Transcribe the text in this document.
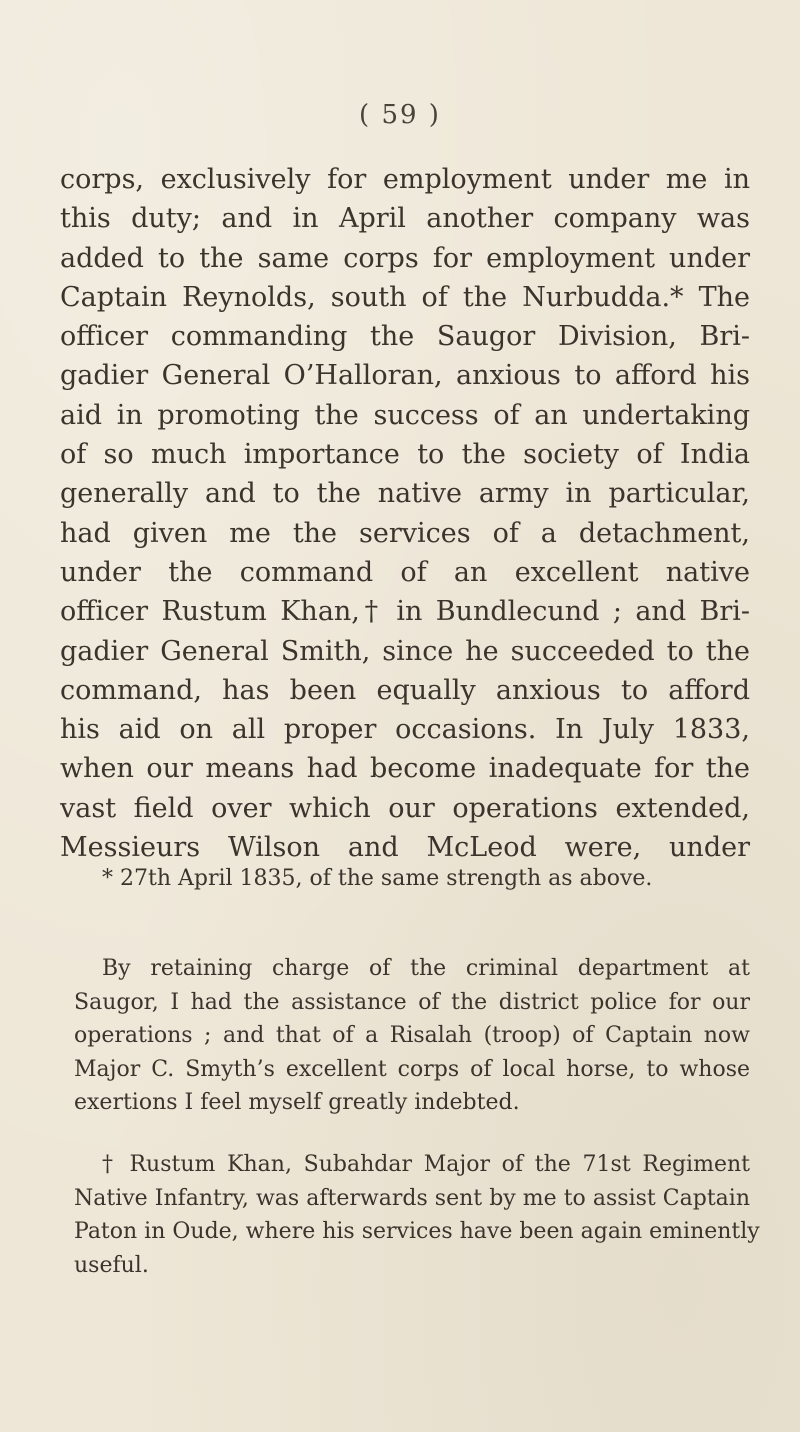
( 59 )
corps, exclusively for employment under me in
this duty; and in April another company was
added to the same corps for employment under
Captain Reynolds, south of the Nurbudda.* The
officer commanding the Saugor Division, Bri-
gadier General O’Halloran, anxious to afford his
aid in promoting the success of an undertaking
of so much importance to the society of India
generally and to the native army in particular,
had given me the services of a detachment,
under the command of an excellent native
officer Rustum Khan,† in Bundlecund ; and Bri-
gadier General Smith, since he succeeded to the
command, has been equally anxious to afford
his aid on all proper occasions. In July 1833,
when our means had become inadequate for the
vast field over which our operations extended,
Messieurs Wilson and McLeod were, under
* 27th April 1835, of the same strength as above.
By retaining charge of the criminal department at
Saugor, I had the assistance of the district police for our
operations ; and that of a Risalah (troop) of Captain now
Major C. Smyth’s excellent corps of local horse, to whose
exertions I feel myself greatly indebted.
† Rustum Khan, Subahdar Major of the 71st Regiment
Native Infantry, was afterwards sent by me to assist Captain
Paton in Oude, where his services have been again eminently
useful.
